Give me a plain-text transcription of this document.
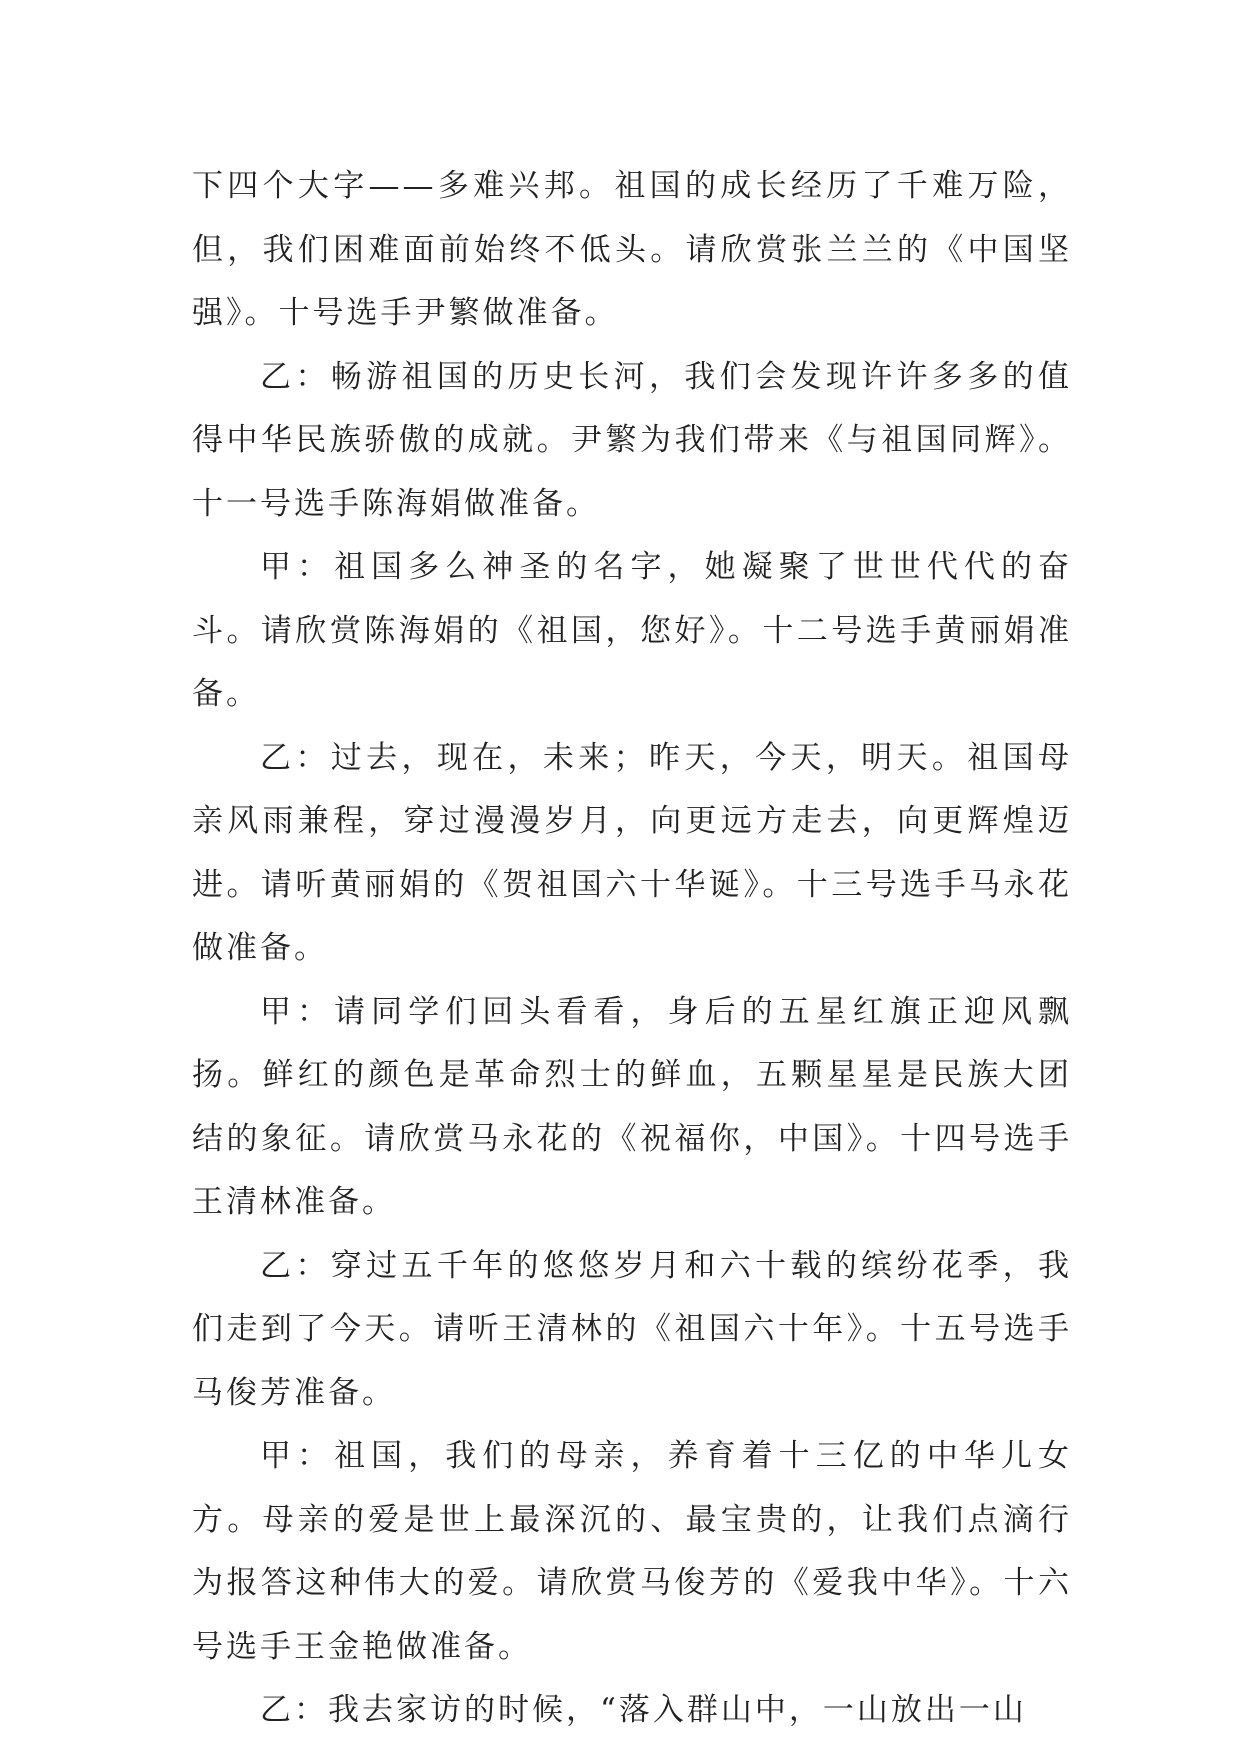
下四个大字——多难兴邦。祖国的成长经历了千难万险，但，我们困难面前始终不低头。请欣赏张兰兰的《中国坚强》。十号选手尹繁做准备。

乙：畅游祖国的历史长河，我们会发现许许多多的值得中华民族骄傲的成就。尹繁为我们带来《与祖国同辉》。十一号选手陈海娟做准备。

甲：祖国多么神圣的名字，她凝聚了世世代代的奋斗。请欣赏陈海娟的《祖国，您好》。十二号选手黄丽娟准备。

乙：过去，现在，未来；昨天，今天，明天。祖国母亲风雨兼程，穿过漫漫岁月，向更远方走去，向更辉煌迈进。请听黄丽娟的《贺祖国六十华诞》。十三号选手马永花做准备。

甲：请同学们回头看看，身后的五星红旗正迎风飘扬。鲜红的颜色是革命烈士的鲜血，五颗星星是民族大团结的象征。请欣赏马永花的《祝福你，中国》。十四号选手王清林准备。

乙：穿过五千年的悠悠岁月和六十载的缤纷花季，我们走到了今天。请听王清林的《祖国六十年》。十五号选手马俊芳准备。

甲：祖国，我们的母亲，养育着十三亿的中华儿女方。母亲的爱是世上最深沉的、最宝贵的，让我们点滴行为报答这种伟大的爱。请欣赏马俊芳的《爱我中华》。十六号选手王金艳做准备。

乙：我去家访的时候，“落入群山中，一山放出一山
